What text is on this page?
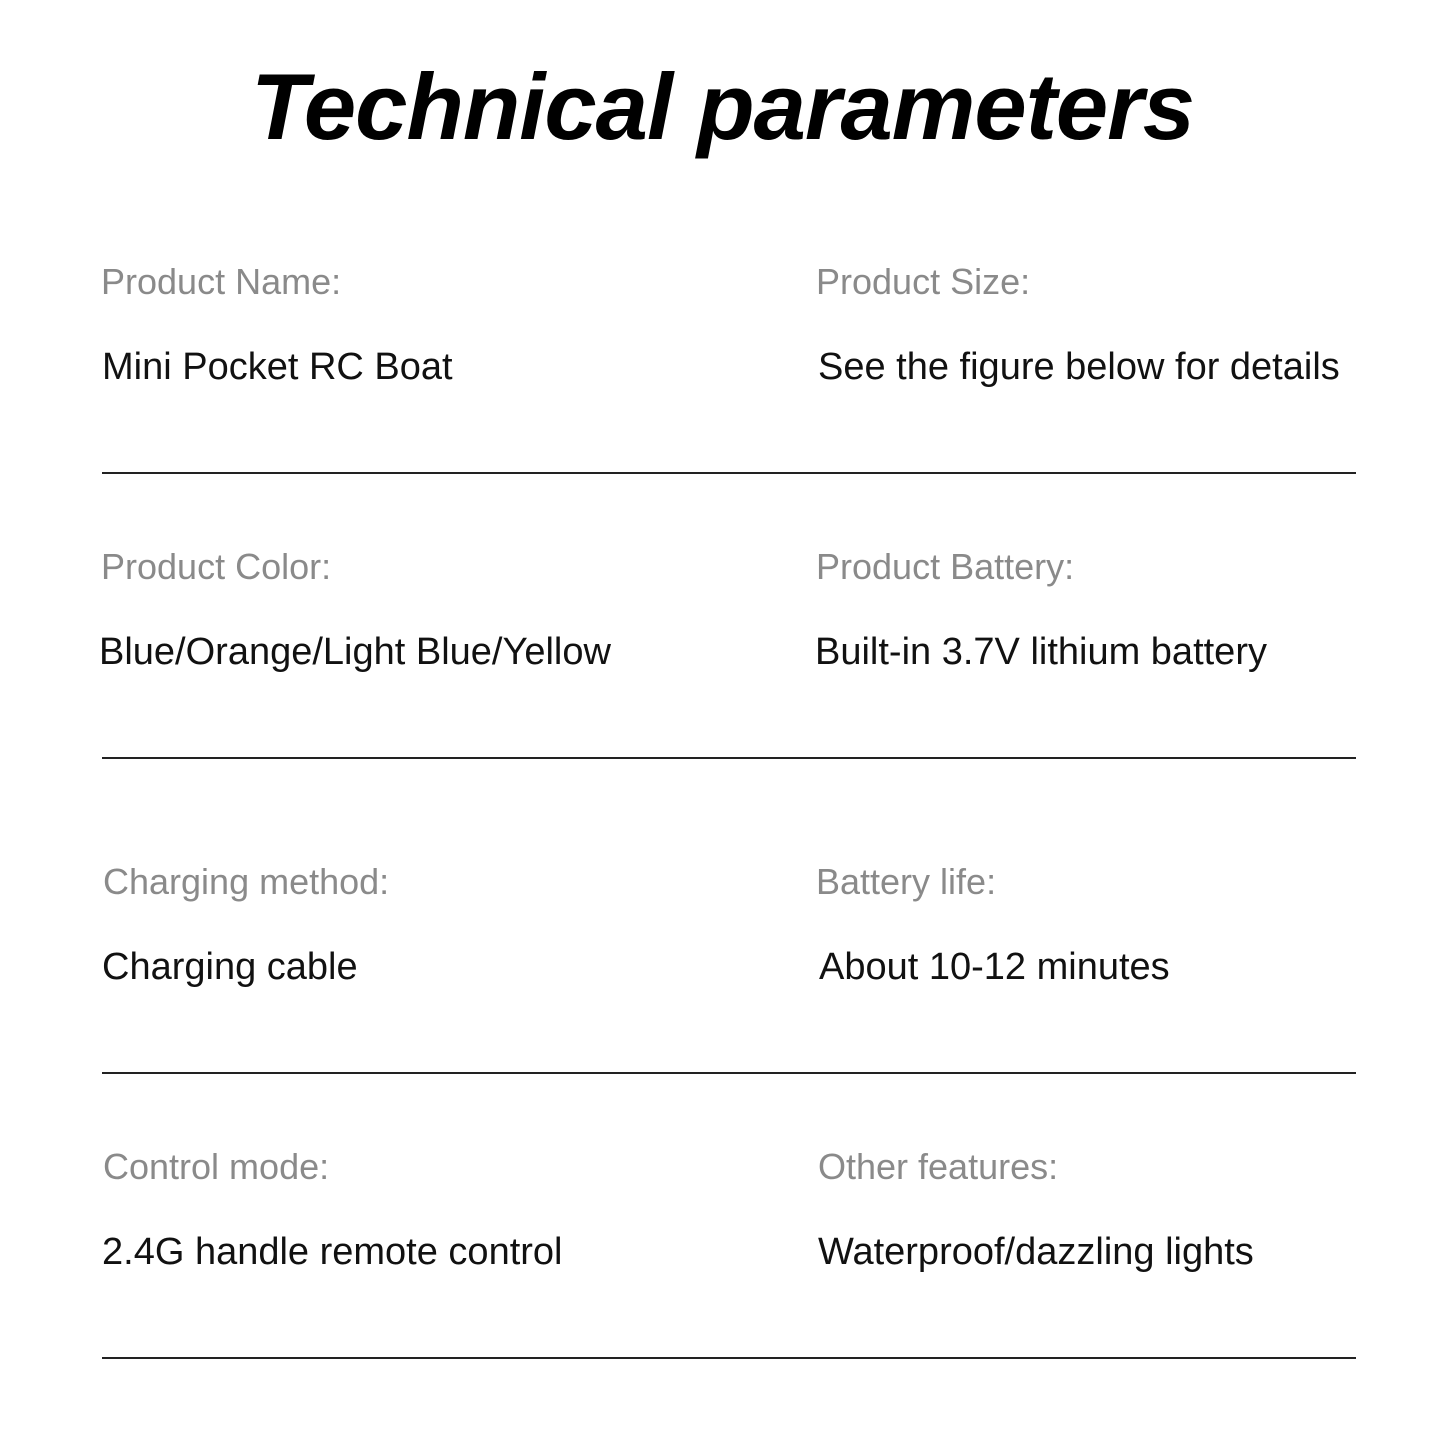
Technical parameters
Product Name:
Mini Pocket RC Boat
Product Size:
See the figure below for details
Product Color:
Blue/Orange/Light Blue/Yellow
Product Battery:
Built-in 3.7V lithium battery
Charging method:
Charging cable
Battery life:
About 10-12 minutes
Control mode:
2.4G handle remote control
Other features:
Waterproof/dazzling lights
